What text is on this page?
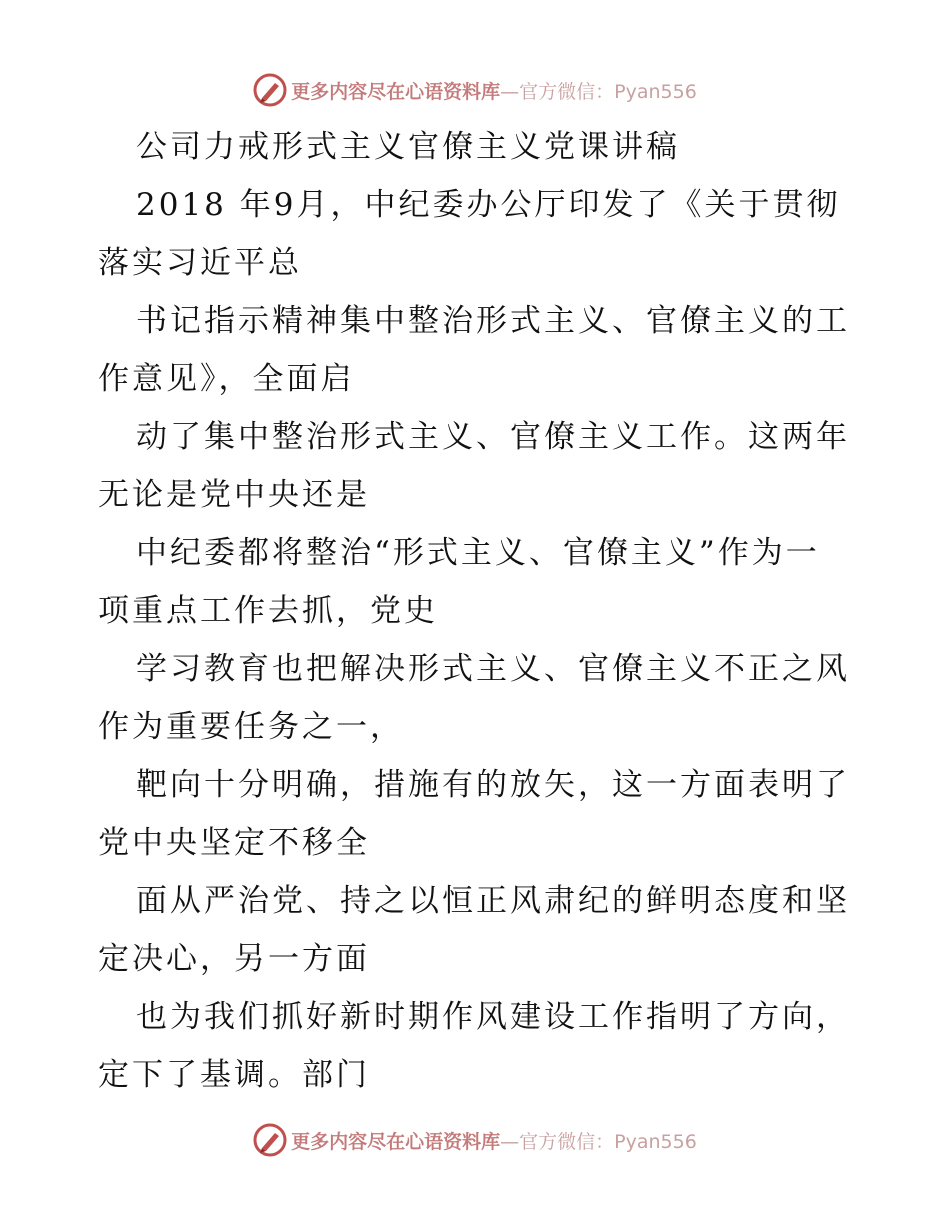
更多内容尽在心语资料库—官方微信：Pyan556
公司力戒形式主义官僚主义党课讲稿
2018 年9月，中纪委办公厅印发了《关于贯彻
落实习近平总
书记指示精神集中整治形式主义、官僚主义的工
作意见》，全面启
动了集中整治形式主义、官僚主义工作。这两年
无论是党中央还是
中纪委都将整治“形式主义、官僚主义”作为一
项重点工作去抓，党史
学习教育也把解决形式主义、官僚主义不正之风
作为重要任务之一，
靶向十分明确，措施有的放矢，这一方面表明了
党中央坚定不移全
面从严治党、持之以恒正风肃纪的鲜明态度和坚
定决心，另一方面
也为我们抓好新时期作风建设工作指明了方向，
定下了基调。部门
更多内容尽在心语资料库—官方微信：Pyan556
